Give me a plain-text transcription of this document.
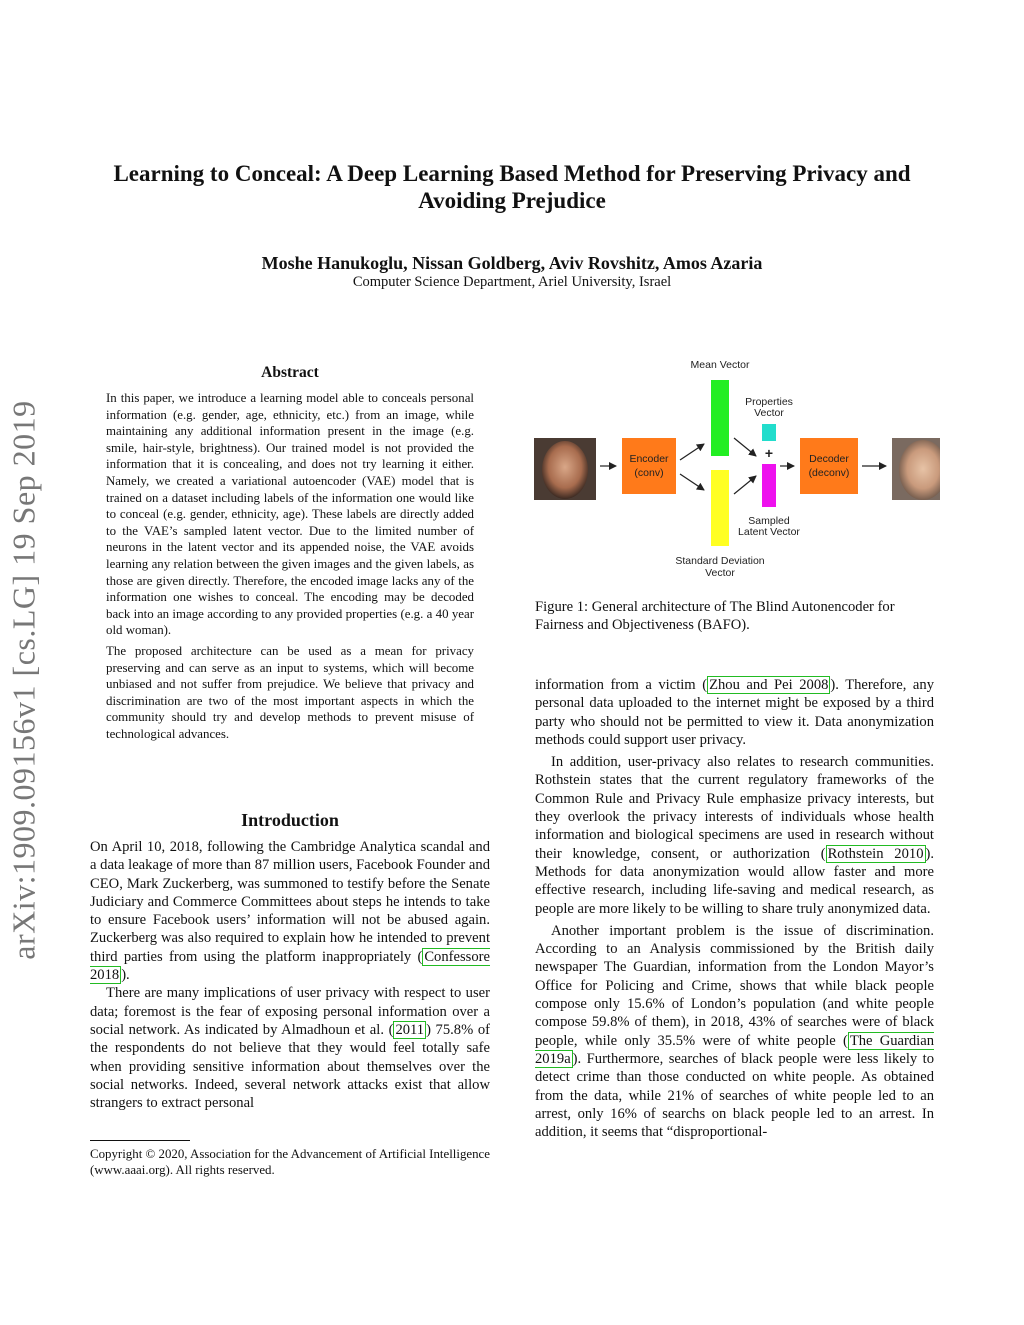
arXiv:1909.09156v1 [cs.LG] 19 Sep 2019
Learning to Conceal: A Deep Learning Based Method for Preserving Privacy and
Avoiding Prejudice
Moshe Hanukoglu, Nissan Goldberg, Aviv Rovshitz, Amos Azaria
Computer Science Department, Ariel University, Israel
Abstract

In this paper, we introduce a learning model able to conceals personal information (e.g. gender, age, ethnicity, etc.) from an image, while maintaining any additional information present in the image (e.g. smile, hair-style, brightness). Our trained model is not provided the information that it is concealing, and does not try learning it either. Namely, we created a variational autoencoder (VAE) model that is trained on a dataset including labels of the information one would like to conceal (e.g. gender, ethnicity, age). These labels are directly added to the VAE’s sampled latent vector. Due to the limited number of neurons in the latent vector and its appended noise, the VAE avoids learning any relation between the given images and the given labels, as those are given directly. Therefore, the encoded image lacks any of the information one wishes to conceal. The encoding may be decoded back into an image according to any provided properties (e.g. a 40 year old woman).

The proposed architecture can be used as a mean for privacy preserving and can serve as an input to systems, which will become unbiased and not suffer from prejudice. We believe that privacy and discrimination are two of the most important aspects in which the community should try and develop methods to prevent misuse of technological advances.

Introduction

On April 10, 2018, following the Cambridge Analytica scandal and a data leakage of more than 87 million users, Facebook Founder and CEO, Mark Zuckerberg, was summoned to testify before the Senate Judiciary and Commerce Committees about steps he intends to take to ensure Facebook users’ information will not be abused again. Zuckerberg was also required to explain how he intended to prevent third parties from using the platform inappropriately ( Confessore 2018 ).

There are many implications of user privacy with respect to user data; foremost is the fear of exposing personal information over a social network. As indicated by Almadhoun et al. ( 2011 ) 75.8% of the respondents do not believe that they would feel totally safe when providing sensitive information about themselves over the social networks. Indeed, several network attacks exist that allow strangers to extract personal

Copyright © 2020, Association for the Advancement of Artificial Intelligence (www.aaai.org). All rights reserved.
Encoder
(conv)
Mean Vector
Standard Deviation
Vector
Properties
Vector
+
Sampled
Latent Vector
Decoder
(deconv)
Figure 1: General architecture of The Blind Autonencoder for Fairness and Objectiveness (BAFO).

information from a victim ( Zhou and Pei 2008 ). Therefore, any personal data uploaded to the internet might be exposed by a third party who should not be permitted to view it. Data anonymization methods could support user privacy.

In addition, user-privacy also relates to research communities. Rothstein states that the current regulatory frameworks of the Common Rule and Privacy Rule emphasize privacy interests, but they overlook the privacy interests of individuals whose health information and biological specimens are used in research without their knowledge, consent, or authorization ( Rothstein 2010 ). Methods for data anonymization would allow faster and more effective research, including life-saving and medical research, as people are more likely to be willing to share truly anonymized data.

Another important problem is the issue of discrimination. According to an Analysis commissioned by the British daily newspaper The Guardian, information from the London Mayor’s Office for Policing and Crime, shows that while black people compose only 15.6% of London’s population (and white people compose 59.8% of them), in 2018, 43% of searches were of black people, while only 35.5% were of white people ( The Guardian 2019a ). Furthermore, searches of black people were less likely to detect crime than those conducted on white people. As obtained from the data, while 21% of searches of white people led to an arrest, only 16% of searchs on black people led to an arrest. In addition, it seems that “disproportional-
